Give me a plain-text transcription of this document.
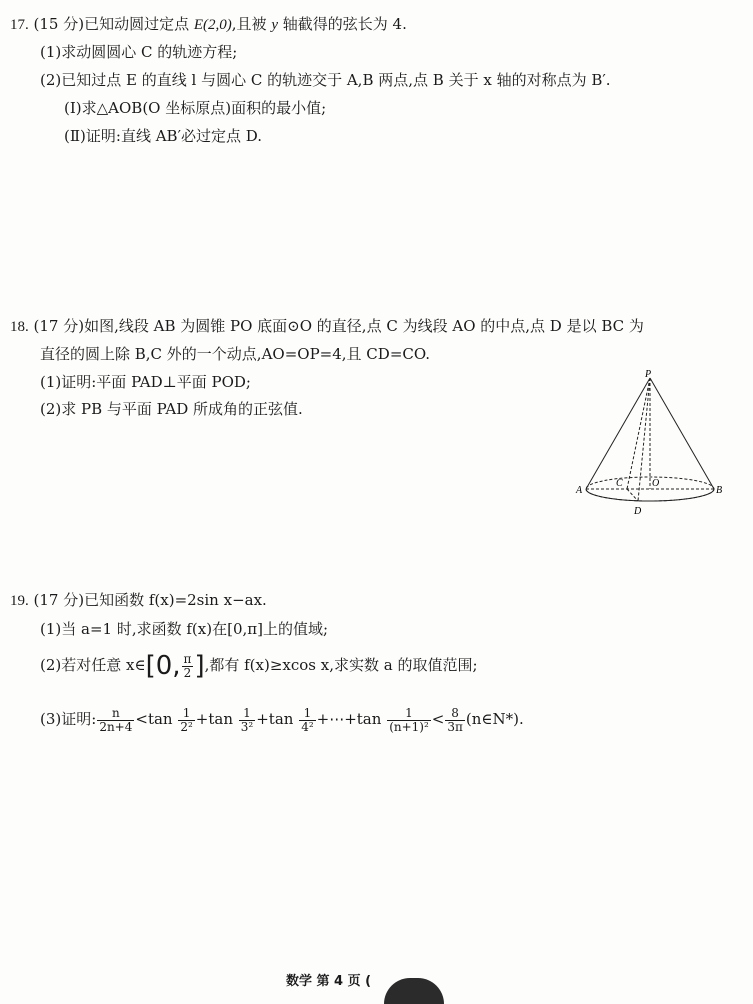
17. (15 分)已知动圆过定点 E(2,0),且被 y 轴截得的弦长为 4.
(1)求动圆圆心 C 的轨迹方程;
(2)已知过点 E 的直线 l 与圆心 C 的轨迹交于 A,B 两点,点 B 关于 x 轴的对称点为 B′.
(Ⅰ)求△AOB(O 坐标原点)面积的最小值;
(Ⅱ)证明:直线 AB′必过定点 D.
18. (17 分)如图,线段 AB 为圆锥 PO 底面⊙O 的直径,点 C 为线段 AO 的中点,点 D 是以 BC 为
直径的圆上除 B,C 外的一个动点,AO=OP=4,且 CD=CO.
(1)证明:平面 PAD⊥平面 POD;
(2)求 PB 与平面 PAD 所成角的正弦值.
P
A	B
C	O
D
19. (17 分)已知函数 f(x)=2sin x−ax.
(1)当 a=1 时,求函数 f(x)在[0,π]上的值域;
(2)若对任意 x∈[0, $\frac{\pi}{2}$ ],都有 f(x)≥xcos x,求实数 a 的取值范围;
(3)证明: $\frac{n}{2n+4} <\tan \frac{1}{\text{2²}} +\tan \frac{1}{\text{3²}} +\tan \frac{1}{\text{4²}}$ +⋯+tan $\frac{1}{\text{(n+1)²}} < \frac{8}{3\pi}$ (n∈N*).
数学 第 4 页 (
